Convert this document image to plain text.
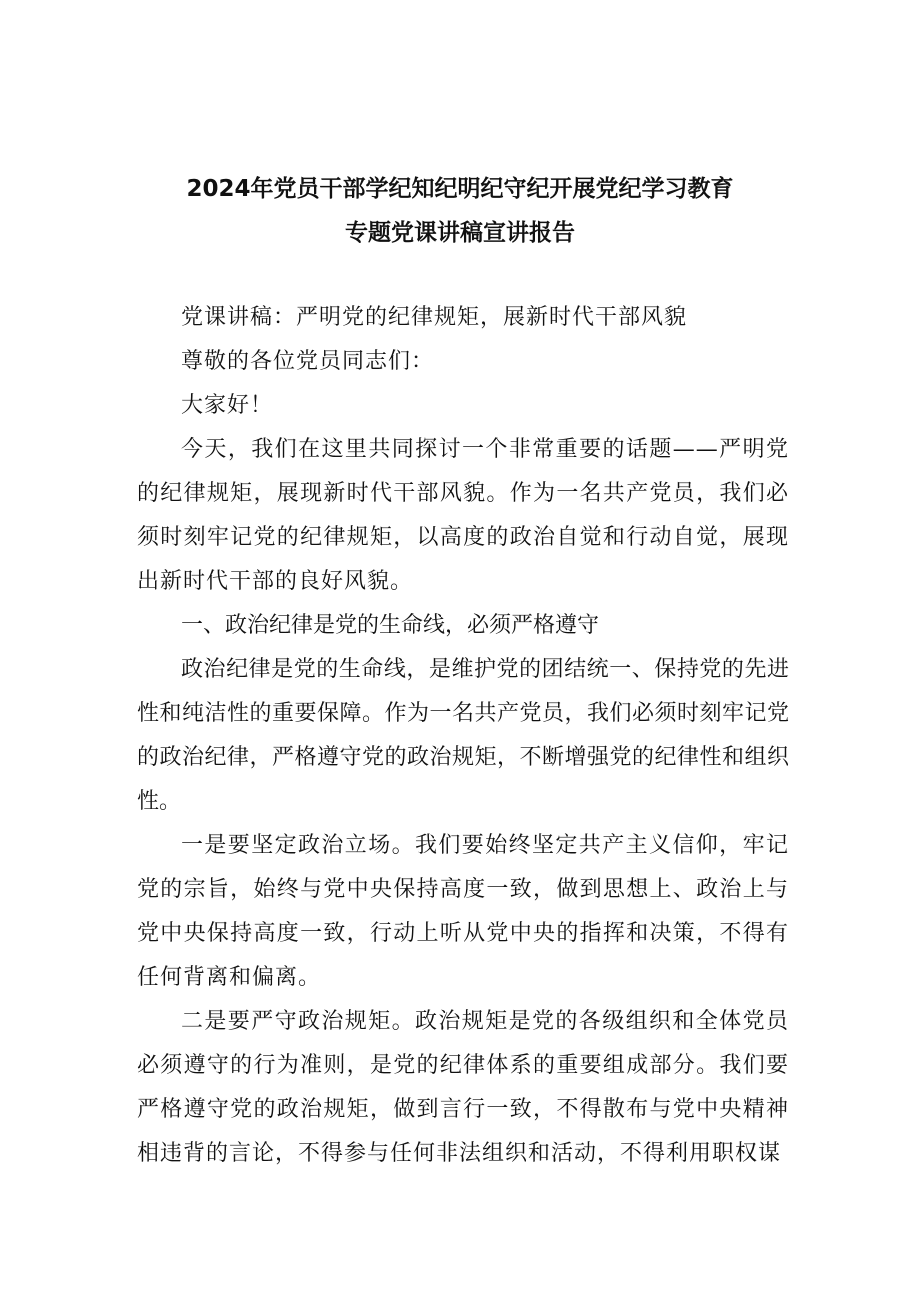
2024年党员干部学纪知纪明纪守纪开展党纪学习教育
专题党课讲稿宣讲报告

党课讲稿：严明党的纪律规矩，展新时代干部风貌

尊敬的各位党员同志们：

大家好！

今天，我们在这里共同探讨一个非常重要的话题——严明党的纪律规矩，展现新时代干部风貌。作为一名共产党员，我们必须时刻牢记党的纪律规矩，以高度的政治自觉和行动自觉，展现出新时代干部的良好风貌。

一、政治纪律是党的生命线，必须严格遵守

政治纪律是党的生命线，是维护党的团结统一、保持党的先进性和纯洁性的重要保障。作为一名共产党员，我们必须时刻牢记党的政治纪律，严格遵守党的政治规矩，不断增强党的纪律性和组织性。

一是要坚定政治立场。我们要始终坚定共产主义信仰，牢记党的宗旨，始终与党中央保持高度一致，做到思想上、政治上与党中央保持高度一致，行动上听从党中央的指挥和决策，不得有任何背离和偏离。

二是要严守政治规矩。政治规矩是党的各级组织和全体党员必须遵守的行为准则，是党的纪律体系的重要组成部分。我们要严格遵守党的政治规矩，做到言行一致，不得散布与党中央精神相违背的言论，不得参与任何非法组织和活动，不得利用职权谋
